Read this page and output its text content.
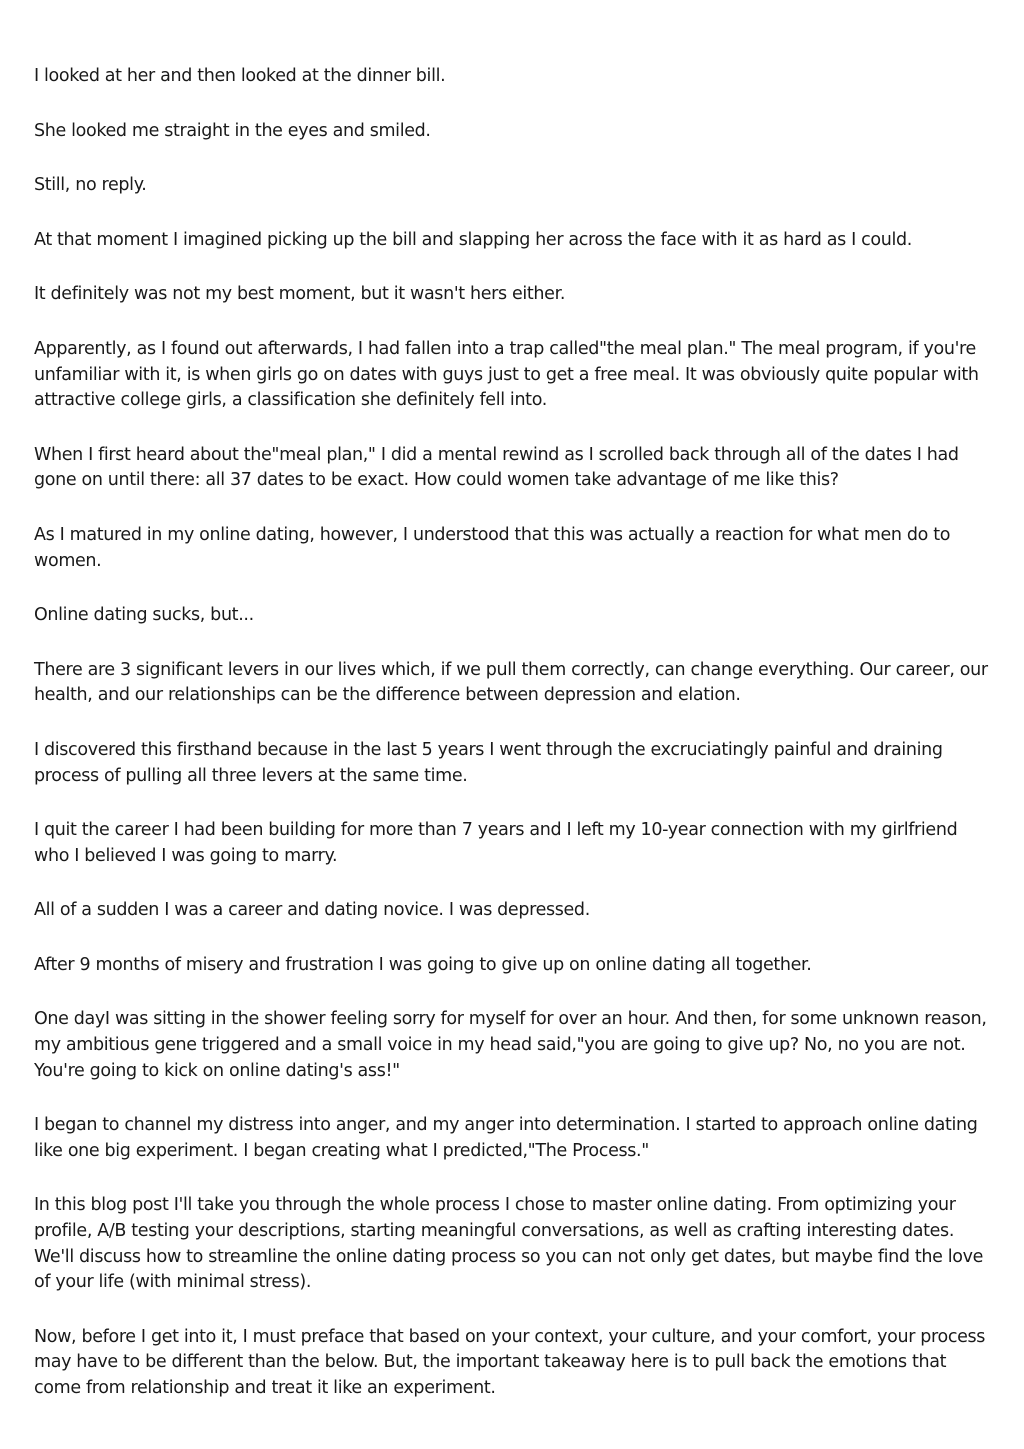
I looked at her and then looked at the dinner bill.

She looked me straight in the eyes and smiled.

Still, no reply.

At that moment I imagined picking up the bill and slapping her across the face with it as hard as I could.

It definitely was not my best moment, but it wasn't hers either.

Apparently, as I found out afterwards, I had fallen into a trap called"the meal plan." The meal program, if you're unfamiliar with it, is when girls go on dates with guys just to get a free meal. It was obviously quite popular with attractive college girls, a classification she definitely fell into.

When I first heard about the"meal plan," I did a mental rewind as I scrolled back through all of the dates I had gone on until there: all 37 dates to be exact. How could women take advantage of me like this?

As I matured in my online dating, however, I understood that this was actually a reaction for what men do to women.

Online dating sucks, but...

There are 3 significant levers in our lives which, if we pull them correctly, can change everything. Our career, our health, and our relationships can be the difference between depression and elation.

I discovered this firsthand because in the last 5 years I went through the excruciatingly painful and draining process of pulling all three levers at the same time.

I quit the career I had been building for more than 7 years and I left my 10-year connection with my girlfriend who I believed I was going to marry.

All of a sudden I was a career and dating novice. I was depressed.

After 9 months of misery and frustration I was going to give up on online dating all together.

One dayI was sitting in the shower feeling sorry for myself for over an hour. And then, for some unknown reason, my ambitious gene triggered and a small voice in my head said,"you are going to give up? No, no you are not. You're going to kick on online dating's ass!"

I began to channel my distress into anger, and my anger into determination. I started to approach online dating like one big experiment. I began creating what I predicted,"The Process."

In this blog post I'll take you through the whole process I chose to master online dating. From optimizing your profile, A/B testing your descriptions, starting meaningful conversations, as well as crafting interesting dates. We'll discuss how to streamline the online dating process so you can not only get dates, but maybe find the love of your life (with minimal stress).

Now, before I get into it, I must preface that based on your context, your culture, and your comfort, your process may have to be different than the below. But, the important takeaway here is to pull back the emotions that come from relationship and treat it like an experiment.
